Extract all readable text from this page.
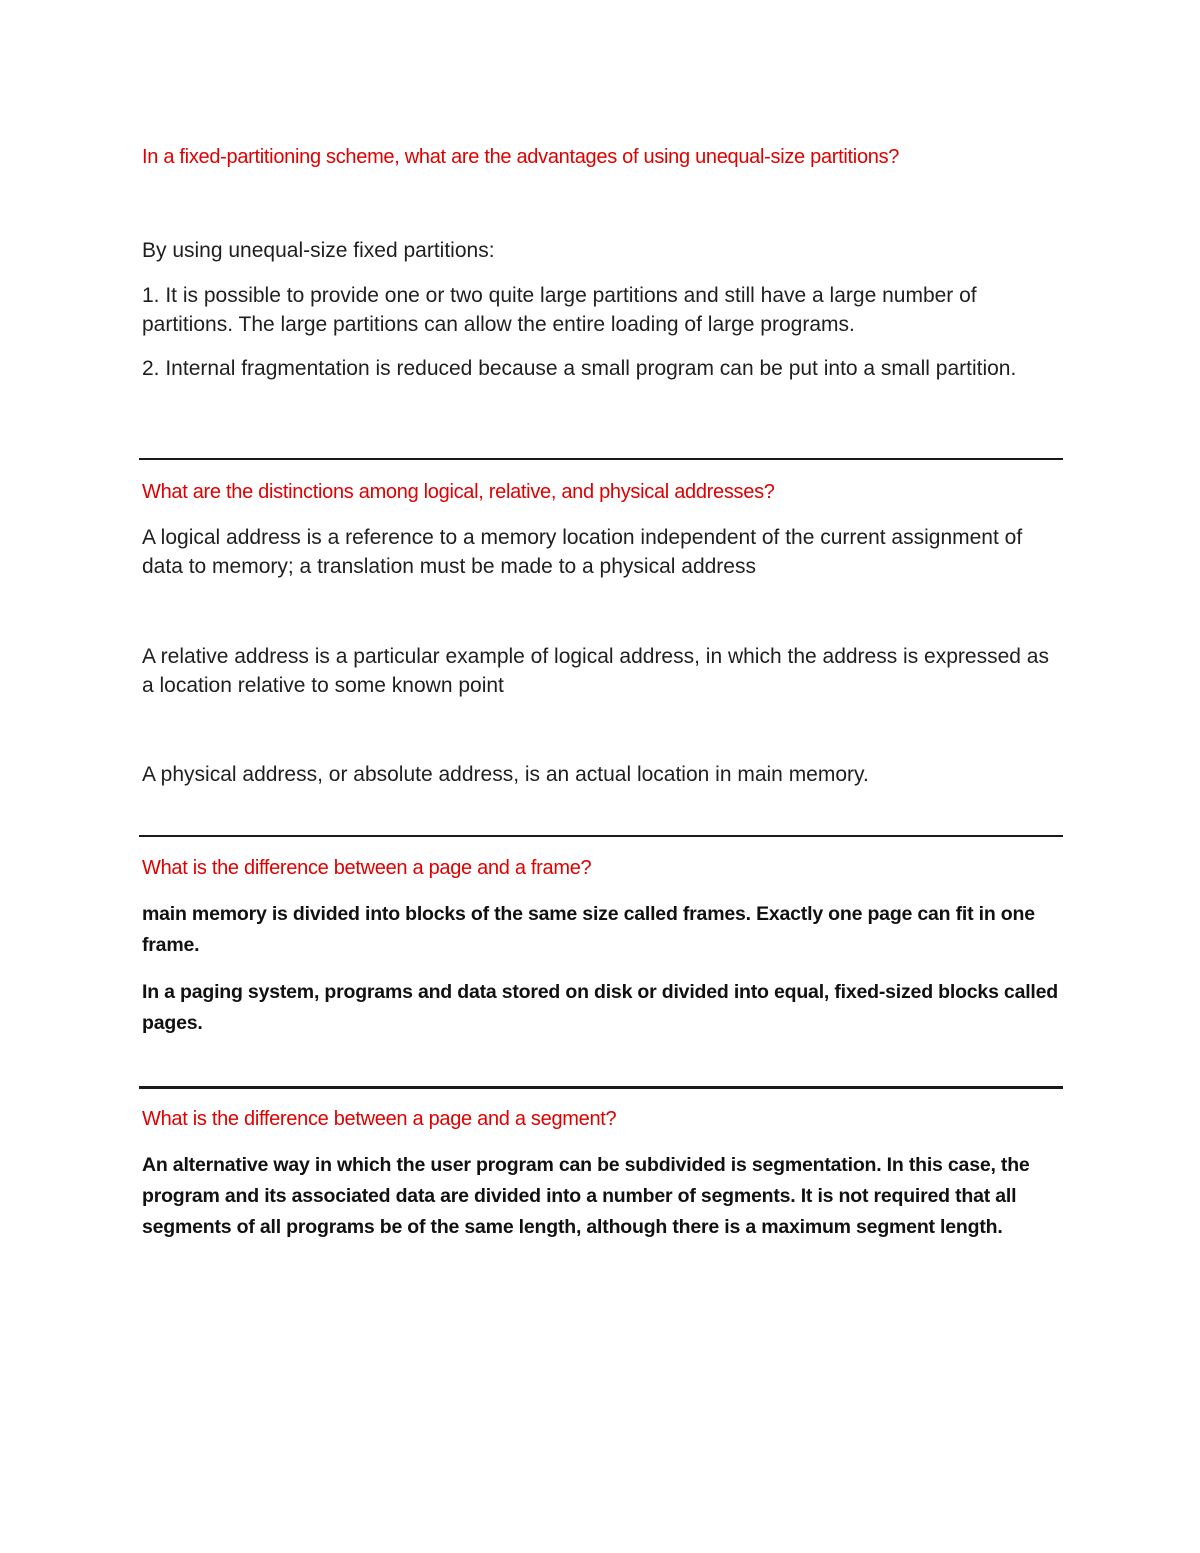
In a fixed-partitioning scheme, what are the advantages of using unequal-size partitions?

By using unequal-size fixed partitions:

1. It is possible to provide one or two quite large partitions and still have a large number of partitions. The large partitions can allow the entire loading of large programs.

2. Internal fragmentation is reduced because a small program can be put into a small partition.

What are the distinctions among logical, relative, and physical addresses?

A logical address is a reference to a memory location independent of the current assignment of data to memory; a translation must be made to a physical address

A relative address is a particular example of logical address, in which the address is expressed as a location relative to some known point

A physical address, or absolute address, is an actual location in main memory.

What is the difference between a page and a frame?

main memory is divided into blocks of the same size called frames. Exactly one page can fit in one frame.

In a paging system, programs and data stored on disk or divided into equal, fixed-sized blocks called pages.

What is the difference between a page and a segment?

An alternative way in which the user program can be subdivided is segmentation. In this case, the program and its associated data are divided into a number of segments. It is not required that all segments of all programs be of the same length, although there is a maximum segment length.
